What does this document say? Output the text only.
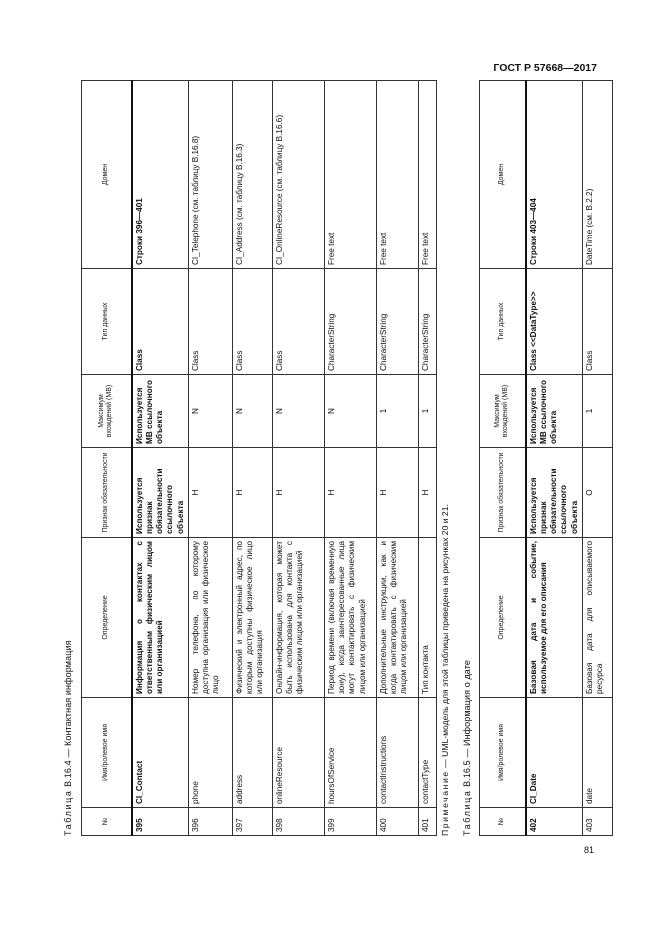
ГОСТ Р 57668—2017
Таблица В.16.4 — Контактная информация
№	Имя/ролевое имя	Определение	Признак обязательности	Максимум вхождений (МВ)	Тип данных	Домен
395	CI_Contact	Информация о контактах с ответственным физическим лицом или организацией	Используется признак обязательности ссылочного объекта	Используется МВ ссылочного объекта	Class	Строки 396—401
396	phone	Номер телефона, по которому доступна организация или физическое лицо	Н	N	Class	CI_Telephone (см. таблицу В.16.8)
397	address	Физический и электронный адрес, по которым доступны физическое лицо или организация	Н	N	Class	CI_Address (см. таблицу В.16.3)
398	onlineResource	Онлайн-информация, которая может быть использована для контакта с физическим лицом или организацией	Н	N	Class	CI_OnlineResource (см. таблицу В.16.6)
399	hoursOfService	Период времени (включая временную зону), когда заинтересованные лица могут контактировать с физическим лицом или организацией	Н	N	CharacterString	Free text
400	contactInstructions	Дополнительные инструкции, как и когда контактировать с физическим лицом или организацией	Н	1	CharacterString	Free text
401	contactType	Тип контакта	Н	1	CharacterString	Free text
Примечание — UML-модель для этой таблицы приведена на рисунках 20 и 21.
Таблица В.16.5 — Информация о дате
№	Имя/ролевое имя	Определение	Признак обязательности	Максимум вхождений (МВ)	Тип данных	Домен
402	CI_Date	Базовая дата и событие, используемое для его описания	Используется признак обязательности ссылочного объекта	Используется МВ ссылочного объекта	Class <<DataType>>	Строки 403—404
403	date	Базовая дата для описываемого ресурса	О	1	Class	DateTime (см. В.2.2)
81
